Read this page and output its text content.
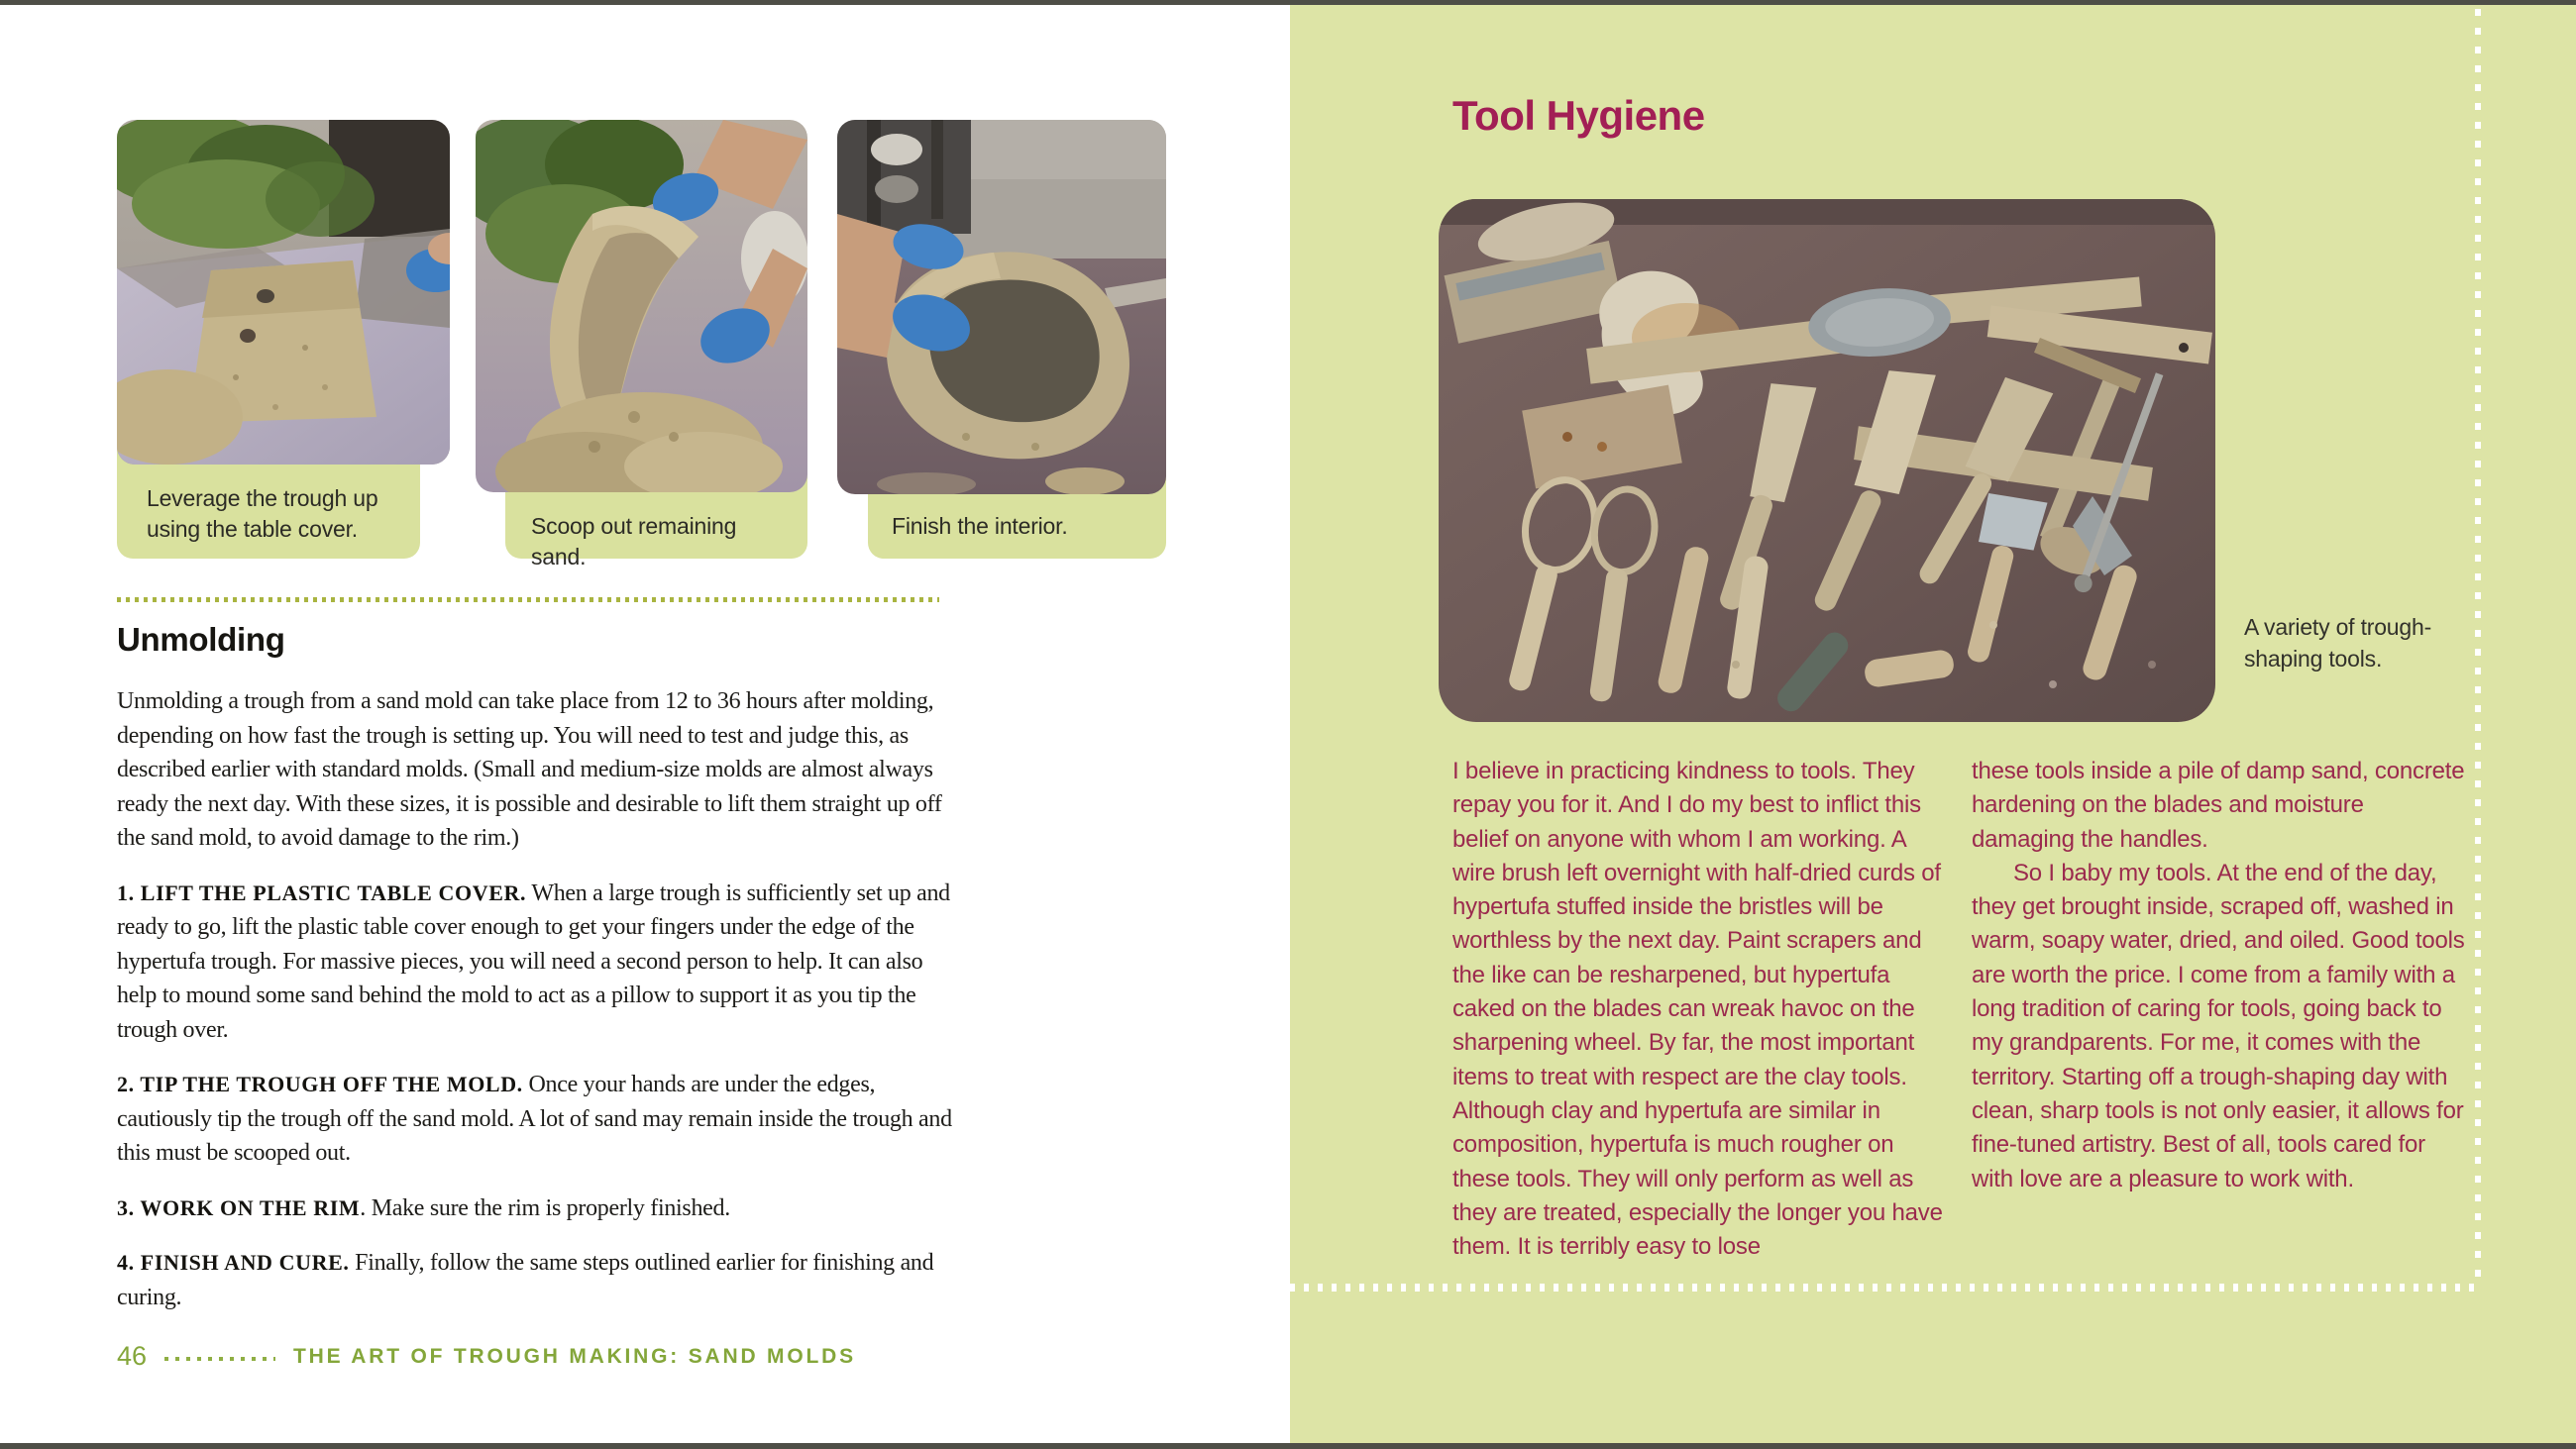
Leverage the trough up using the table cover.	Scoop out remaining sand.

Finish the interior.

Unmolding

Unmolding a trough from a sand mold can take place from 12 to 36 hours after molding, depending on how fast the trough is setting up. You will need to test and judge this, as described earlier with standard molds. (Small and medium-size molds are almost always ready the next day. With these sizes, it is possible and desirable to lift them straight up off the sand mold, to avoid damage to the rim.)

1. LIFT THE PLASTIC TABLE COVER. When a large trough is sufficiently set up and ready to go, lift the plastic table cover enough to get your fingers under the edge of the hypertufa trough. For massive pieces, you will need a second person to help. It can also help to mound some sand behind the mold to act as a pillow to support it as you tip the trough over.

2. TIP THE TROUGH OFF THE MOLD. Once your hands are under the edges, cautiously tip the trough off the sand mold. A lot of sand may remain inside the trough and this must be scooped out.

3. WORK ON THE RIM. Make sure the rim is properly finished.

4. FINISH AND CURE. Finally, follow the same steps outlined earlier for finishing and curing.

46	THE ART OF TROUGH MAKING: SAND MOLDS
Tool Hygiene

A variety of trough-shaping tools.

I believe in practicing kindness to tools. They repay you for it. And I do my best to inflict this belief on anyone with whom I am working. A wire brush left overnight with half-dried curds of hypertufa stuffed inside the bristles will be worthless by the next day. Paint scrapers and the like can be resharpened, but hypertufa caked on the blades can wreak havoc on the sharpening wheel. By far, the most important items to treat with respect are the clay tools. Although clay and hypertufa are similar in composition, hypertufa is much rougher on these tools. They will only perform as well as they are treated, especially the longer you have them. It is terribly easy to lose

these tools inside a pile of damp sand, concrete hardening on the blades and moisture damaging the handles.

So I baby my tools. At the end of the day, they get brought inside, scraped off, washed in warm, soapy water, dried, and oiled. Good tools are worth the price. I come from a family with a long tradition of caring for tools, going back to my grandparents. For me, it comes with the territory. Starting off a trough-shaping day with clean, sharp tools is not only easier, it allows for fine-tuned artistry. Best of all, tools cared for with love are a pleasure to work with.
